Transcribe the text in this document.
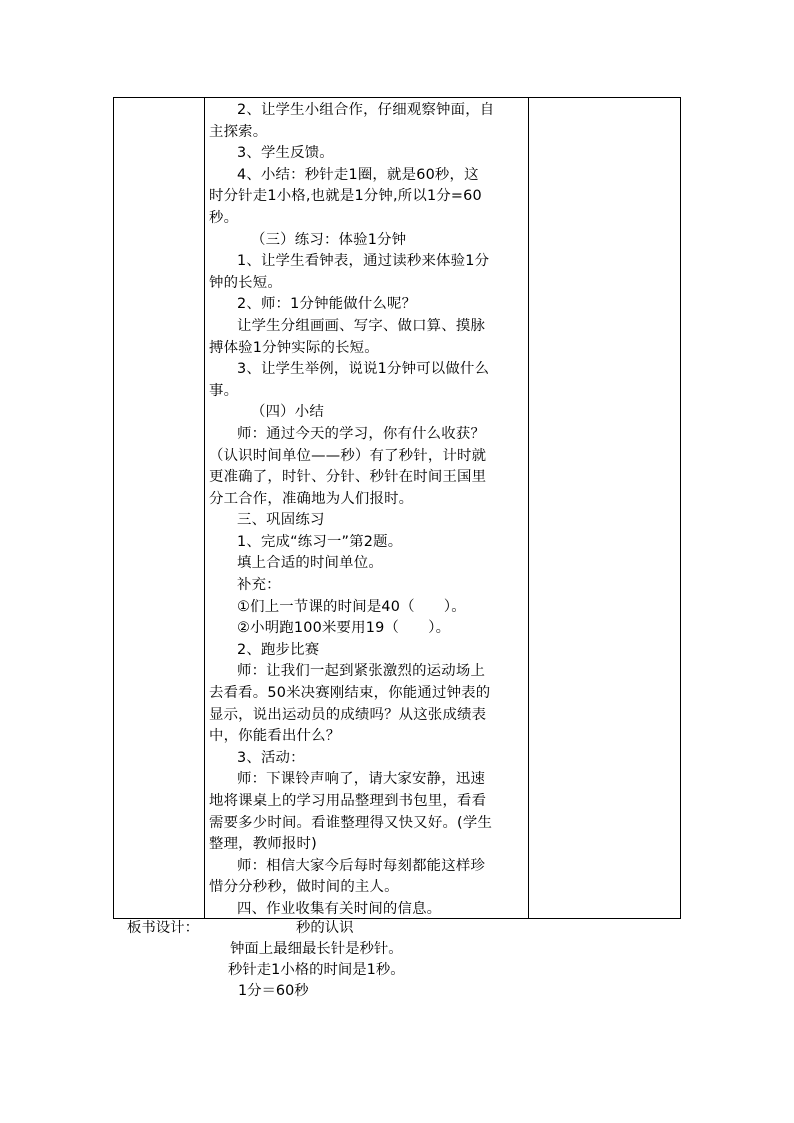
2、让学生小组合作，仔细观察钟面，自

主探索。

3、学生反馈。

4、小结：秒针走1圈，就是60秒，这

时分针走1小格,也就是1分钟,所以1分=60

秒。

（三）练习：体验1分钟

1、让学生看钟表，通过读秒来体验1分

钟的长短。

2、师：1分钟能做什么呢？

让学生分组画画、写字、做口算、摸脉

搏体验1分钟实际的长短。

3、让学生举例，说说1分钟可以做什么

事。

（四）小结

师：通过今天的学习，你有什么收获？

（认识时间单位——秒）有了秒针，计时就

更准确了，时针、分针、秒针在时间王国里

分工合作，准确地为人们报时。

三、巩固练习

1、完成“练习一”第2题。

填上合适的时间单位。

补充：

①们上一节课的时间是40（　　）。

②小明跑100米要用19（　　）。

2、跑步比赛

师：让我们一起到紧张激烈的运动场上

去看看。50米决赛刚结束，你能通过钟表的

显示，说出运动员的成绩吗？从这张成绩表

中，你能看出什么？

3、活动：

师：下课铃声响了，请大家安静，迅速

地将课桌上的学习用品整理到书包里，看看

需要多少时间。看谁整理得又快又好。(学生

整理，教师报时)

师：相信大家今后每时每刻都能这样珍

惜分分秒秒，做时间的主人。

四、作业收集有关时间的信息。

板书设计：	秒的认识

钟面上最细最长针是秒针。

秒针走1小格的时间是1秒。

1分＝60秒
